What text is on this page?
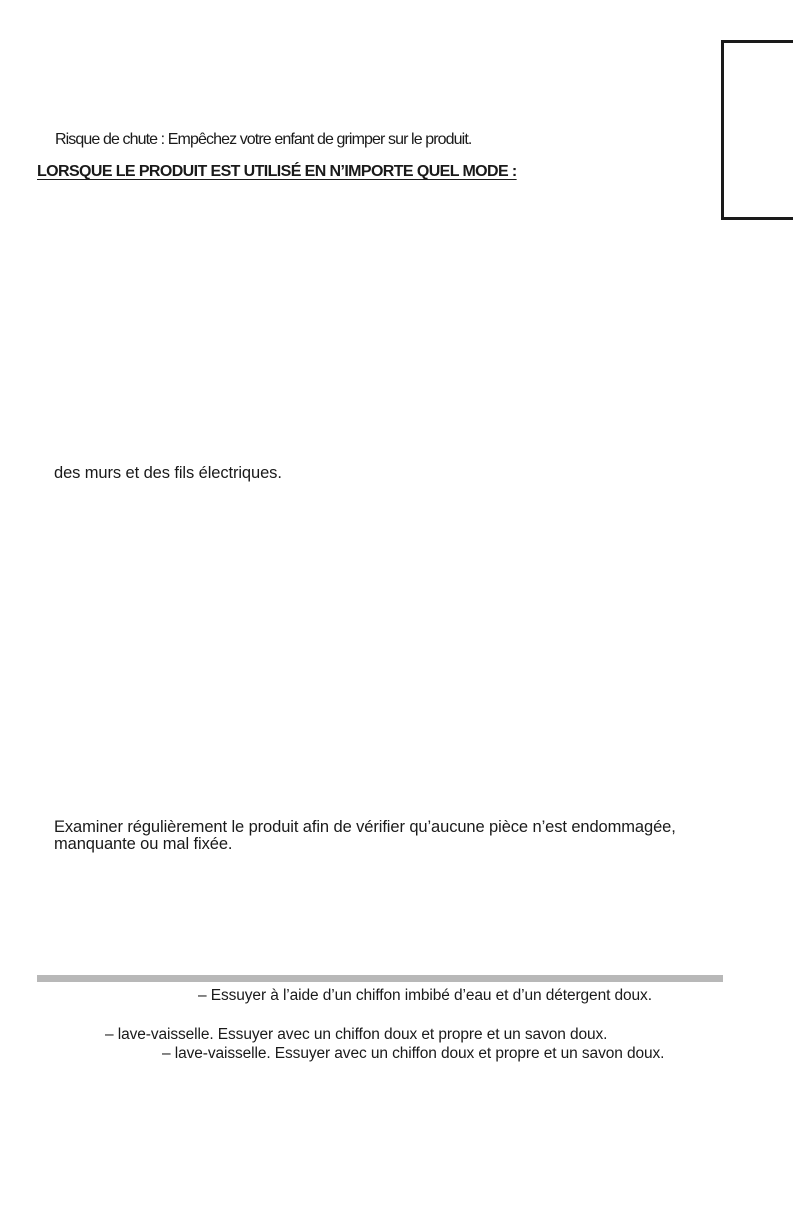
Risque de chute : Empêchez votre enfant de grimper sur le produit.
LORSQUE LE PRODUIT EST UTILISÉ EN N’IMPORTE QUEL MODE :
des murs et des fils électriques.
Examiner régulièrement le produit afin de vérifier qu’aucune pièce n’est endommagée,
manquante ou mal fixée.
– Essuyer à l’aide d’un chiffon imbibé d’eau et d’un détergent doux.
– lave-vaisselle. Essuyer avec un chiffon doux et propre et un savon doux.
– lave-vaisselle. Essuyer avec un chiffon doux et propre et un savon doux.
